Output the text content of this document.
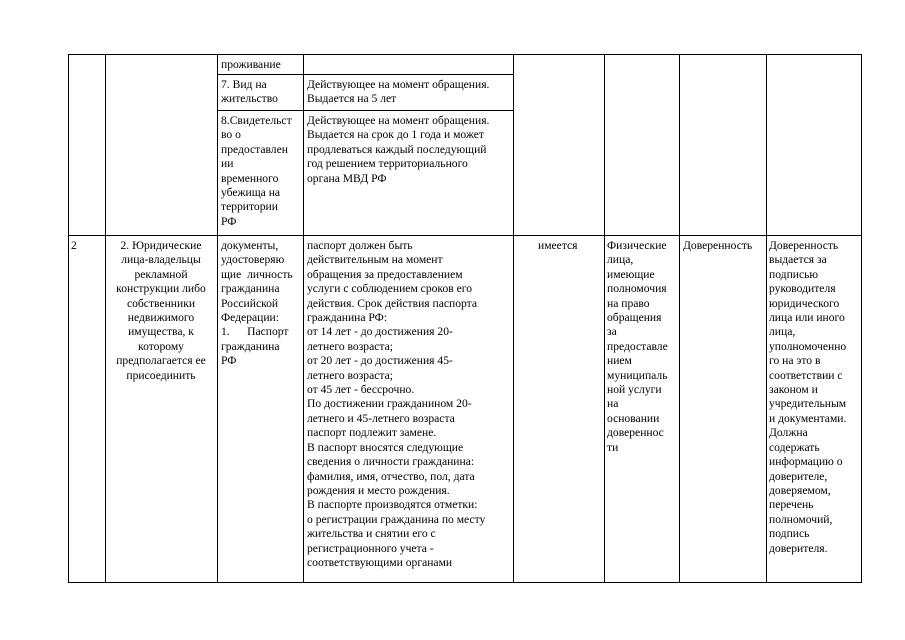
проживание
7. Вид на
жительство
Действующее на момент обращения.
Выдается на 5 лет
8.Свидетельст
во о
предоставлен
ии
временного
убежища на
территории
РФ
Действующее на момент обращения.
Выдается на срок до 1 года и может
продлеваться каждый последующий
год решением территориального
органа МВД РФ
2	2. Юридические
лица-владельцы
рекламной
конструкции либо
собственники
недвижимого
имущества, к
которому
предполагается ее
присоединить
документы,
удостоверяю
щие  личность
гражданина
Российской
Федерации:
1.      Паспорт
гражданина
РФ
паспорт должен быть
действительным на момент
обращения за предоставлением
услуги с соблюдением сроков его
действия. Срок действия паспорта
гражданина РФ:
от 14 лет - до достижения 20-
летнего возраста;
от 20 лет - до достижения 45-
летнего возраста;
от 45 лет - бессрочно.
По достижении гражданином 20-
летнего и 45-летнего возраста
паспорт подлежит замене.
В паспорт вносятся следующие
сведения о личности гражданина:
фамилия, имя, отчество, пол, дата
рождения и место рождения.
В паспорте производятся отметки:
о регистрации гражданина по месту
жительства и снятии его с
регистрационного учета -
соответствующими органами
имеется	Физические
лица,
имеющие
полномочия
на право
обращения
за
предоставле
нием
муниципаль
ной услуги
на
основании
довереннос
ти
Доверенность Доверенность
выдается за
подписью
руководителя
юридического
лица или иного
лица,
уполномоченно
го на это в
соответствии с
законом и
учредительным
и документами.
Должна
содержать
информацию о
доверителе,
доверяемом,
перечень
полномочий,
подпись
доверителя.
